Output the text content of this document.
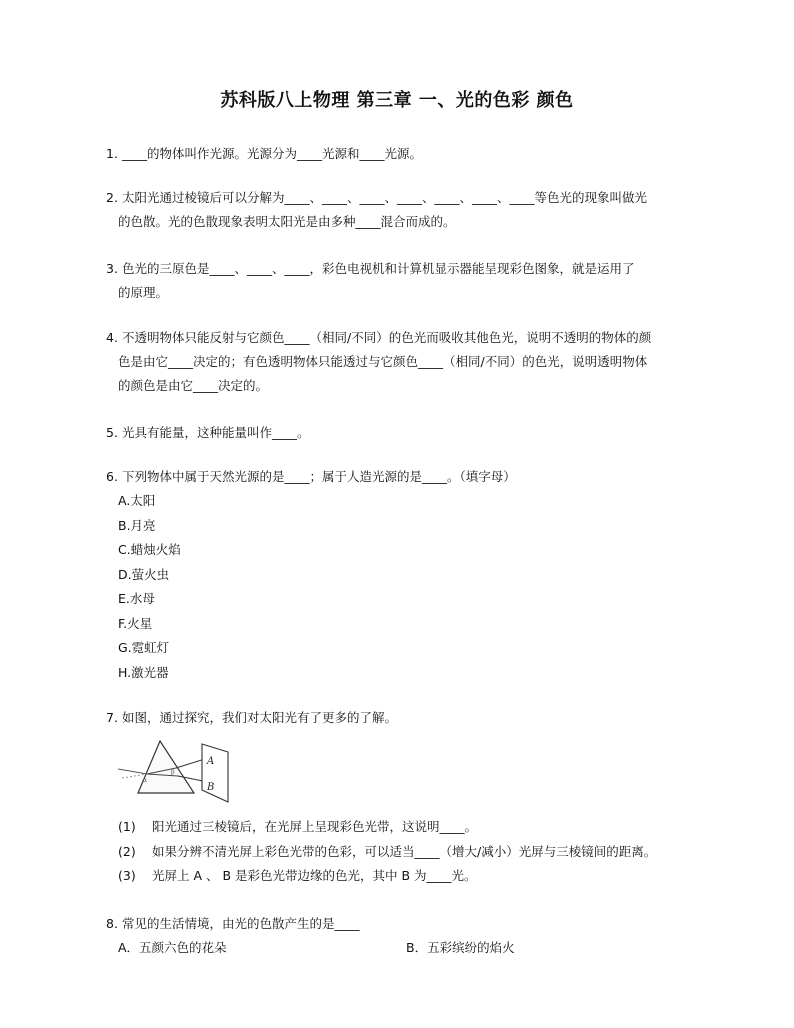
苏科版八上物理 第三章 一、光的色彩 颜色
1. ____的物体叫作光源。光源分为____光源和____光源。
2. 太阳光通过棱镜后可以分解为____、____、____、____、____、____、____等色光的现象叫做光
的色散。光的色散现象表明太阳光是由多种____混合而成的。
3. 色光的三原色是____、____、____，彩色电视机和计算机显示器能呈现彩色图象，就是运用了
的原理。
4. 不透明物体只能反射与它颜色____（相同/不同）的色光而吸收其他色光，说明不透明的物体的颜
色是由它____决定的；有色透明物体只能透过与它颜色____（相同/不同）的色光，说明透明物体
的颜色是由它____决定的。
5. 光具有能量，这种能量叫作____。
6. 下列物体中属于天然光源的是____；属于人造光源的是____。（填字母）
A.太阳
B.月亮
C.蜡烛火焰
D.萤火虫
E.水母
F.火星
G.霓虹灯
H.激光器
7. 如图，通过探究，我们对太阳光有了更多的了解。
A
B
α
β
(1) 阳光通过三棱镜后，在光屏上呈现彩色光带，这说明____。
(2) 如果分辨不清光屏上彩色光带的色彩，可以适当____（增大/减小）光屏与三棱镜间的距离。
(3) 光屏上 A 、 B 是彩色光带边缘的色光，其中 B 为____光。
8. 常见的生活情境，由光的色散产生的是____
A．五颜六色的花朵	B．五彩缤纷的焰火
